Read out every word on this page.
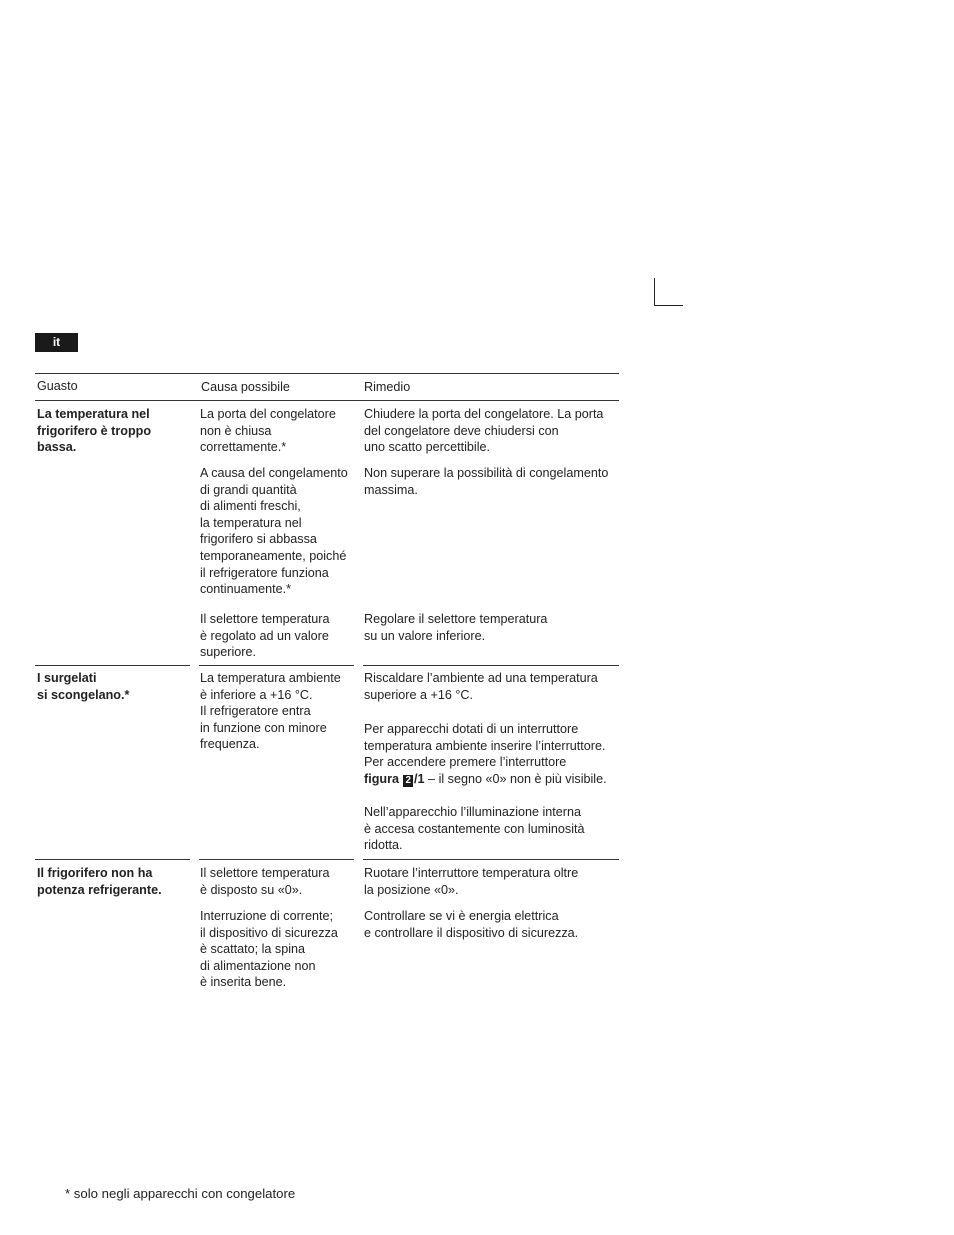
it
Guasto	Causa possibile	Rimedio
La temperatura nel
frigorifero è troppo
bassa.
La porta del congelatore
non è chiusa
correttamente.*
A causa del congelamento
di grandi quantità
di alimenti freschi,
la temperatura nel
frigorifero si abbassa
temporaneamente, poiché
il refrigeratore funziona
continuamente.*
Il selettore temperatura
è regolato ad un valore
superiore.
Chiudere la porta del congelatore. La porta
del congelatore deve chiudersi con
uno scatto percettibile.
Non superare la possibilità di congelamento
massima.
Regolare il selettore temperatura
su un valore inferiore.
I surgelati
si scongelano.*
La temperatura ambiente
è inferiore a +16 °C.
Il refrigeratore entra
in funzione con minore
frequenza.
Riscaldare l’ambiente ad una temperatura
superiore a +16 °C.
Per apparecchi dotati di un interruttore
temperatura ambiente inserire l’interruttore.
Per accendere premere l’interruttore
figura 2 /1 – il segno «0» non è più visibile.
Nell’apparecchio l’illuminazione interna
è accesa costantemente con luminosità
ridotta.
Il frigorifero non ha
potenza refrigerante.
Il selettore temperatura
è disposto su «0».
Interruzione di corrente;
il dispositivo di sicurezza
è scattato; la spina
di alimentazione non
è inserita bene.
Ruotare l’interruttore temperatura oltre
la posizione «0».
Controllare se vi è energia elettrica
e controllare il dispositivo di sicurezza.
* solo negli apparecchi con congelatore
